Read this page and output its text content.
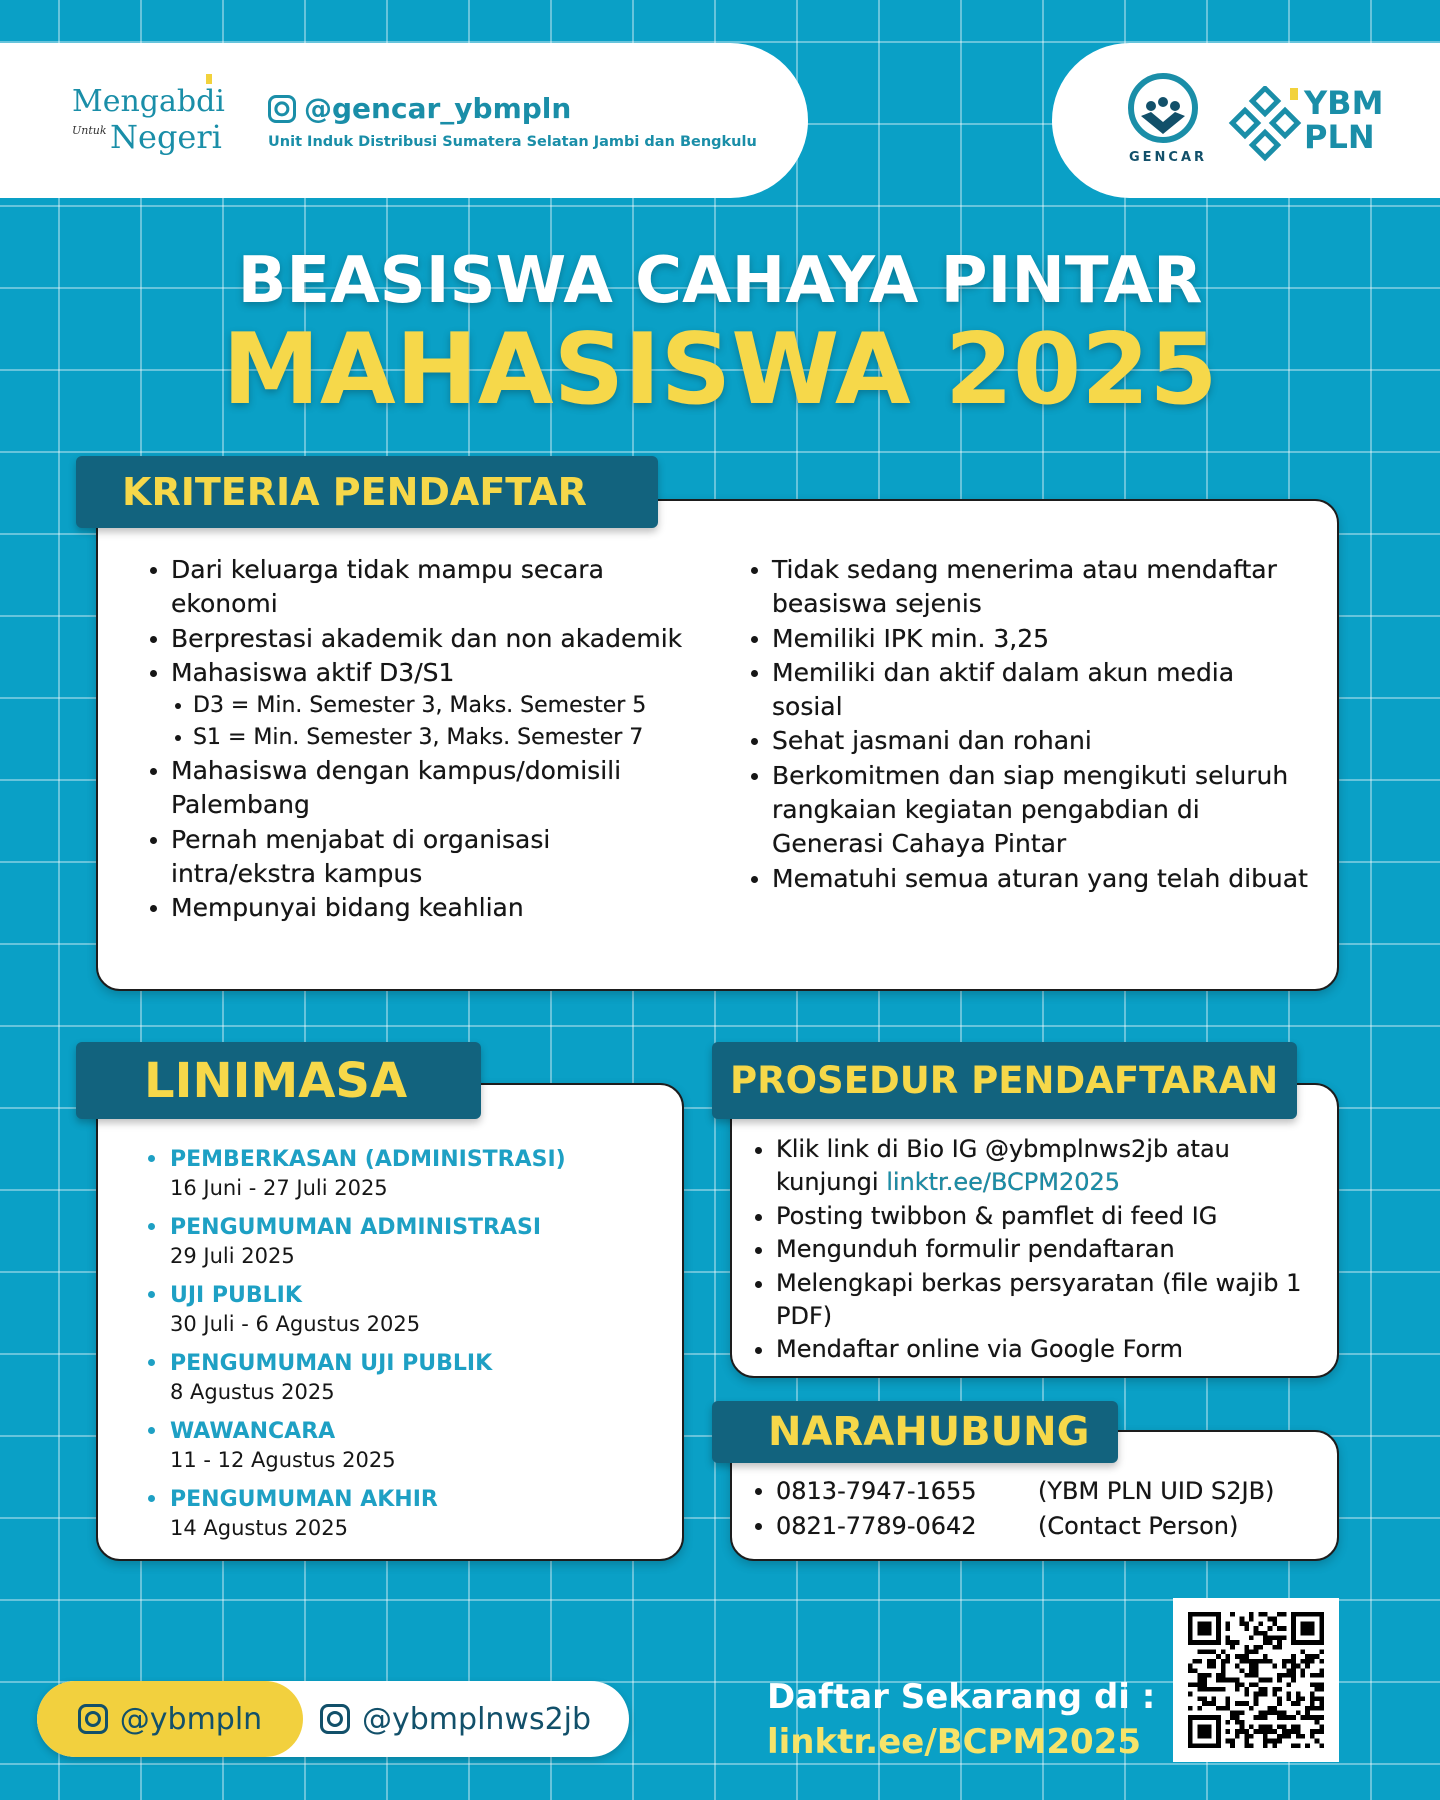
Mengabdi
Untuk Negeri
@gencar_ybmpln
Unit Induk Distribusi Sumatera Selatan Jambi dan Bengkulu
GENCAR
YBM
PLN
BEASISWA CAHAYA PINTAR
MAHASISWA 2025
Dari keluarga tidak mampu secara ekonomi
Berprestasi akademik dan non akademik
Mahasiswa aktif D3/S1
D3 = Min. Semester 3, Maks. Semester 5
S1 = Min. Semester 3, Maks. Semester 7
Mahasiswa dengan kampus/domisili Palembang
Pernah menjabat di organisasi intra/ekstra kampus
Mempunyai bidang keahlian
Tidak sedang menerima atau mendaftar beasiswa sejenis
Memiliki IPK min. 3,25
Memiliki dan aktif dalam akun media sosial
Sehat jasmani dan rohani
Berkomitmen dan siap mengikuti seluruh rangkaian kegiatan pengabdian di Generasi Cahaya Pintar
Mematuhi semua aturan yang telah dibuat
KRITERIA PENDAFTAR
PEMBERKASAN (ADMINISTRASI)
16 Juni - 27 Juli 2025
PENGUMUMAN ADMINISTRASI
29 Juli 2025
UJI PUBLIK
30 Juli - 6 Agustus 2025
PENGUMUMAN UJI PUBLIK
8 Agustus 2025
WAWANCARA
11 - 12 Agustus 2025
PENGUMUMAN AKHIR
14 Agustus 2025
LINIMASA
Klik link di Bio IG @ybmplnws2jb atau kunjungi linktr.ee/BCPM2025
Posting twibbon & pamflet di feed IG
Mengunduh formulir pendaftaran
Melengkapi berkas persyaratan (file wajib 1 PDF)
Mendaftar online via Google Form
PROSEDUR PENDAFTARAN
0813-7947-1655	(YBM PLN UID S2JB)
0821-7789-0642	(Contact Person)
NARAHUBUNG
@ybmpln	@ybmplnws2jb
Daftar Sekarang di :
linktr.ee/BCPM2025
